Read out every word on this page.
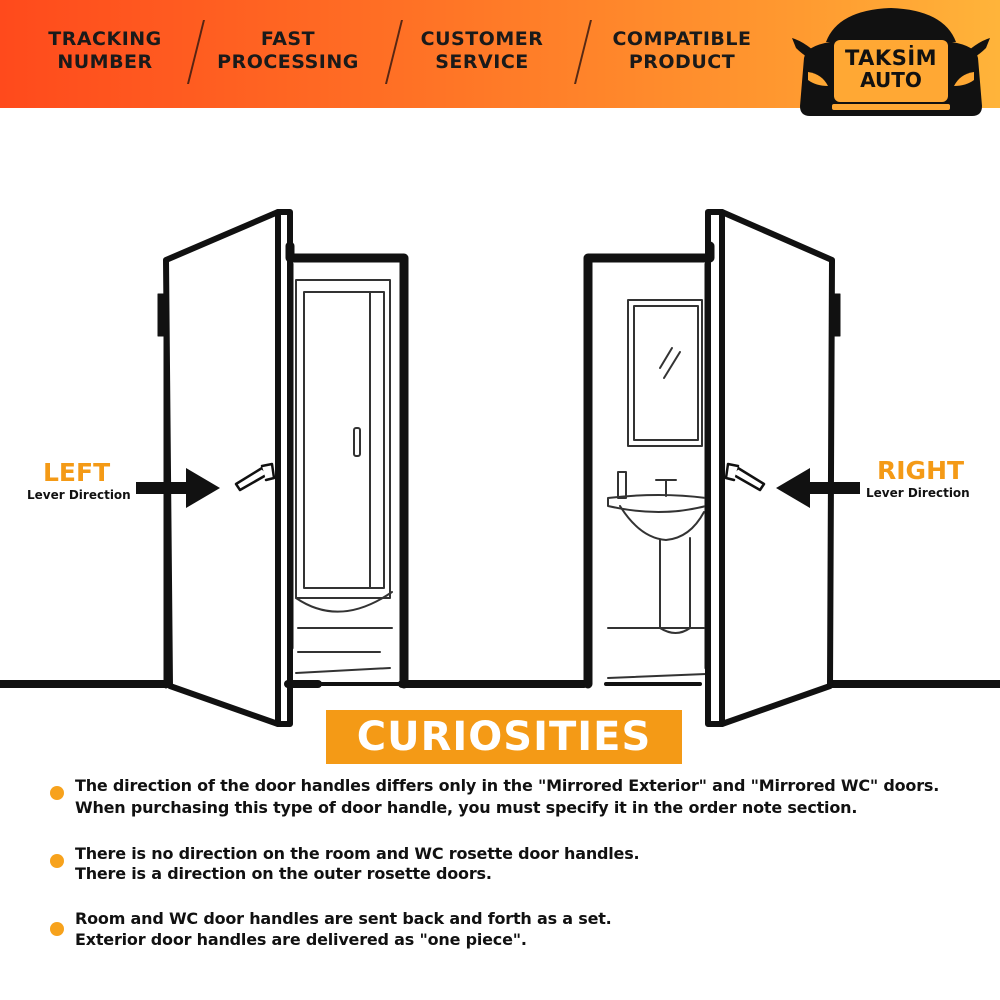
TRACKING
NUMBER
FAST
PROCESSING
CUSTOMER
SERVICE
COMPATIBLE
PRODUCT	TAKSİM
AUTO
LEFT
Lever Direction
RIGHT
Lever Direction
CURIOSITIES
The direction of the door handles differs only in the "Mirrored Exterior" and "Mirrored WC" doors.
When purchasing this type of door handle, you must specify it in the order note section.
There is no direction on the room and WC rosette door handles.
There is a direction on the outer rosette doors.
Room and WC door handles are sent back and forth as a set.
Exterior door handles are delivered as "one piece".
